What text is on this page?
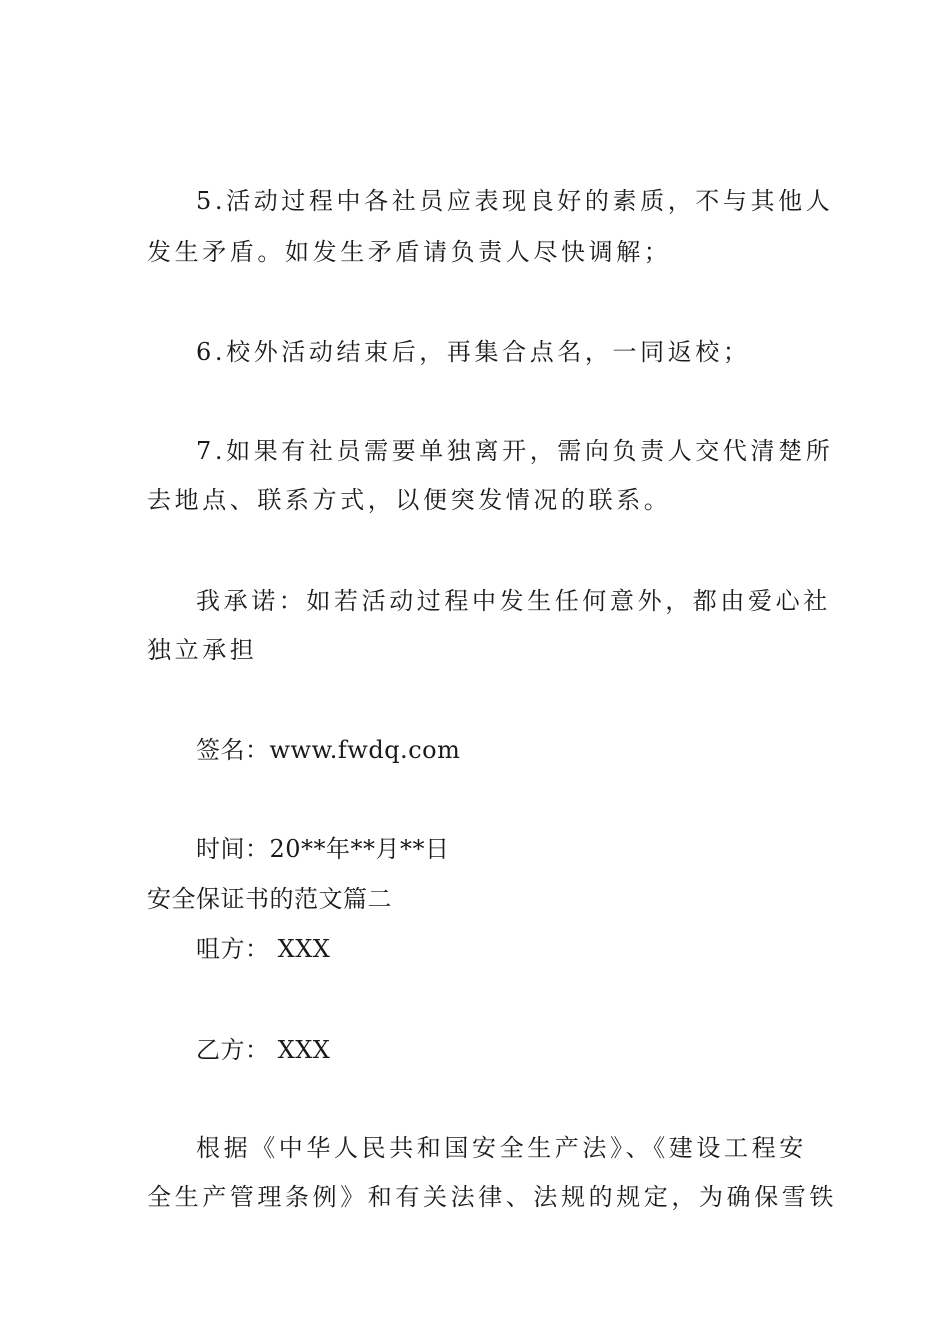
5.活动过程中各社员应表现良好的素质，不与其他人
发生矛盾。如发生矛盾请负责人尽快调解；
6.校外活动结束后，再集合点名，一同返校；
7.如果有社员需要单独离开，需向负责人交代清楚所
去地点、联系方式，以便突发情况的联系。
我承诺：如若活动过程中发生任何意外，都由爱心社
独立承担
签名：www.fwdq.com
时间：20**年**月**日
安全保证书的范文篇二
咀方： XXX
乙方： XXX
根据《中华人民共和国安全生产法》、《建设工程安
全生产管理条例》和有关法律、法规的规定，为确保雪铁
